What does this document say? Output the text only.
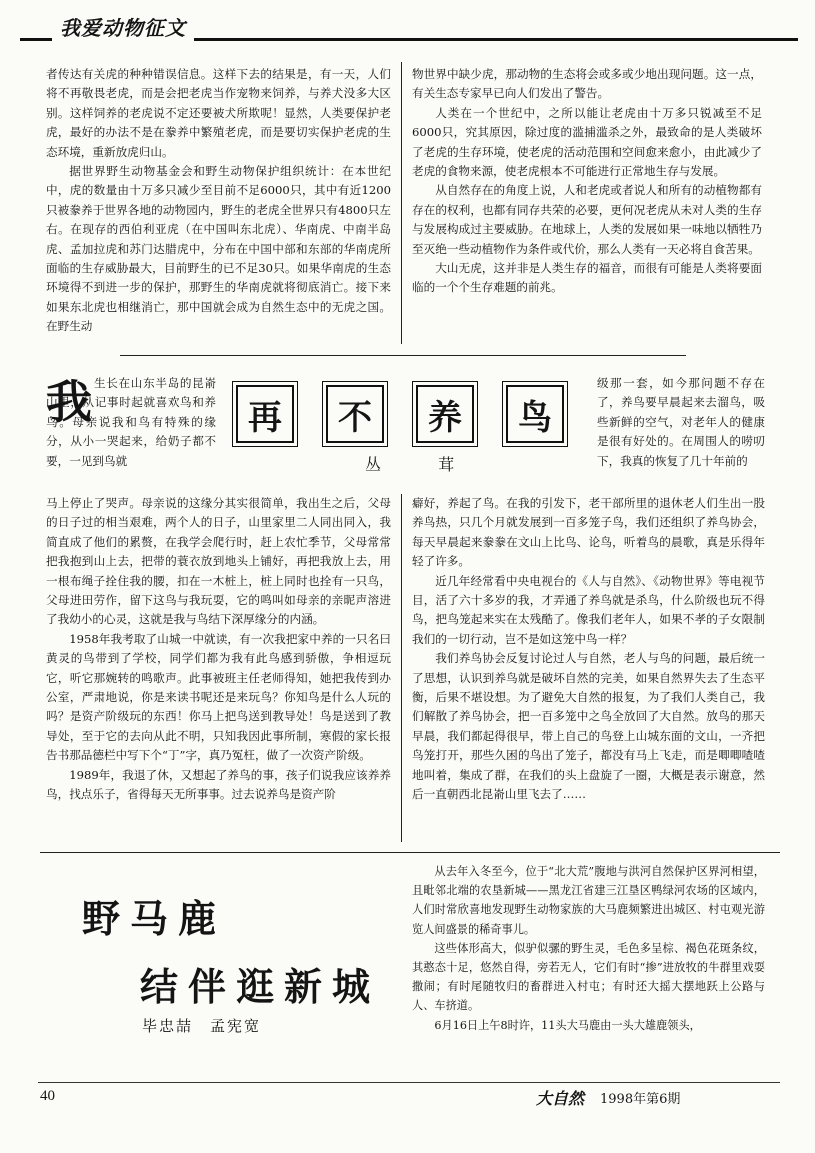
我爱动物征文

者传达有关虎的种种错误信息。这样下去的结果是，有一天，人们将不再敬畏老虎，而是会把老虎当作宠物来饲养，与养犬没多大区别。这样饲养的老虎说不定还要被犬所欺呢！显然，人类要保护老虎，最好的办法不是在豢养中繁殖老虎，而是要切实保护老虎的生态环境，重新放虎归山。

据世界野生动物基金会和野生动物保护组织统计：在本世纪中，虎的数量由十万多只减少至目前不足6000只，其中有近1200只被豢养于世界各地的动物园内，野生的老虎全世界只有4800只左右。在现存的西伯利亚虎（在中国叫东北虎）、华南虎、中南半岛虎、孟加拉虎和苏门达腊虎中，分布在中国中部和东部的华南虎所面临的生存威胁最大，目前野生的已不足30只。如果华南虎的生态环境得不到进一步的保护，那野生的华南虎就将彻底消亡。接下来如果东北虎也相继消亡，那中国就会成为自然生态中的无虎之国。在野生动

物世界中缺少虎，那动物的生态将会或多或少地出现问题。这一点，有关生态专家早已向人们发出了警告。

人类在一个世纪中，之所以能让老虎由十万多只锐减至不足6000只，究其原因，除过度的滥捕滥杀之外，最致命的是人类破坏了老虎的生存环境，使老虎的活动范围和空间愈来愈小，由此减少了老虎的食物来源，使老虎根本不可能进行正常地生存与发展。

从自然存在的角度上说，人和老虎或者说人和所有的动植物都有存在的权利，也都有同存共荣的必要，更何况老虎从未对人类的生存与发展构成过主要威胁。在地球上，人类的发展如果一味地以牺牲乃至灭绝一些动植物作为条件或代价，那么人类有一天必将自食苦果。

大山无虎，这并非是人类生存的福音，而很有可能是人类将要面临的一个个生存难题的前兆。

我 生长在山东半岛的昆嵛山里，从记事时起就喜欢鸟和养鸟。母亲说我和鸟有特殊的缘分，从小一哭起来，给奶子都不要，一见到鸟就
再 不 养 鸟
丛 茸
级那一套，如今那问题不存在了，养鸟要早晨起来去溜鸟，吸些新鲜的空气，对老年人的健康是很有好处的。在周围人的唠叨下，我真的恢复了几十年前的

马上停止了哭声。母亲说的这缘分其实很简单，我出生之后，父母的日子过的相当艰难，两个人的日子，山里家里二人同出同入，我简直成了他们的累赘，在我学会爬行时，赶上农忙季节，父母常常把我抱到山上去，把带的蓑衣放到地头上铺好，再把我放上去，用一根布绳子拴住我的腰，扣在一木桩上，桩上同时也拴有一只鸟，父母进田劳作，留下这鸟与我玩耍，它的鸣叫如母亲的亲昵声溶进了我幼小的心灵，这就是我与鸟结下深厚缘分的内涵。

1958年我考取了山城一中就读，有一次我把家中养的一只名曰黄灵的鸟带到了学校，同学们都为我有此鸟感到骄傲，争相逗玩它，听它那婉转的鸣歌声。此事被班主任老师得知，她把我传到办公室，严肃地说，你是来读书呢还是来玩鸟？你知鸟是什么人玩的吗？是资产阶级玩的东西！你马上把鸟送到教导处！鸟是送到了教导处，至于它的去向从此不明，只知我因此事所制，寒假的家长报告书那品德栏中写下个“丁”字，真乃冤枉，做了一次资产阶级。

1989年，我退了休，又想起了养鸟的事，孩子们说我应该养养鸟，找点乐子，省得每天无所事事。过去说养鸟是资产阶

癖好，养起了鸟。在我的引发下，老干部所里的退休老人们生出一股养鸟热，只几个月就发展到一百多笼子鸟，我们还组织了养鸟协会，每天早晨起来豢豢在文山上比鸟、论鸟，听着鸟的晨歌，真是乐得年轻了许多。

近几年经常看中央电视台的《人与自然》、《动物世界》等电视节目，活了六十多岁的我，才弄通了养鸟就是杀鸟，什么阶级也玩不得鸟，把鸟笼起来实在太残酷了。像我们老年人，如果不孝的子女限制我们的一切行动，岂不是如这笼中鸟一样？

我们养鸟协会反复讨论过人与自然，老人与鸟的问题，最后统一了思想，认识到养鸟就是破坏自然的完美，如果自然界失去了生态平衡，后果不堪设想。为了避免大自然的报复，为了我们人类自己，我们解散了养鸟协会，把一百多笼中之鸟全放回了大自然。放鸟的那天早晨，我们都起得很早，带上自己的鸟登上山城东面的文山，一齐把鸟笼打开，那些久困的鸟出了笼子，都没有马上飞走，而是唧唧喳喳地叫着，集成了群，在我们的头上盘旋了一圈，大概是表示谢意，然后一直朝西北昆嵛山里飞去了……

野马鹿
结伴逛新城
毕忠喆　孟宪宽

从去年入冬至今，位于“北大荒”腹地与洪河自然保护区界河相望，且毗邻北端的农垦新城——黑龙江省建三江垦区鸭绿河农场的区域内，人们时常欣喜地发现野生动物家族的大马鹿频繁进出城区、村屯观光游览人间盛景的稀奇事儿。

这些体形高大，似驴似骡的野生灵，毛色多呈棕、褐色花斑条纹，其憨态十足，悠然自得，旁若无人，它们有时“掺”进放牧的牛群里戏耍撒闹；有时尾随牧归的畜群进入村屯；有时还大摇大摆地跃上公路与人、车挤道。

6月16日上午8时许，11头大马鹿由一头大雄鹿领头，

40	大自然 1998年第6期
